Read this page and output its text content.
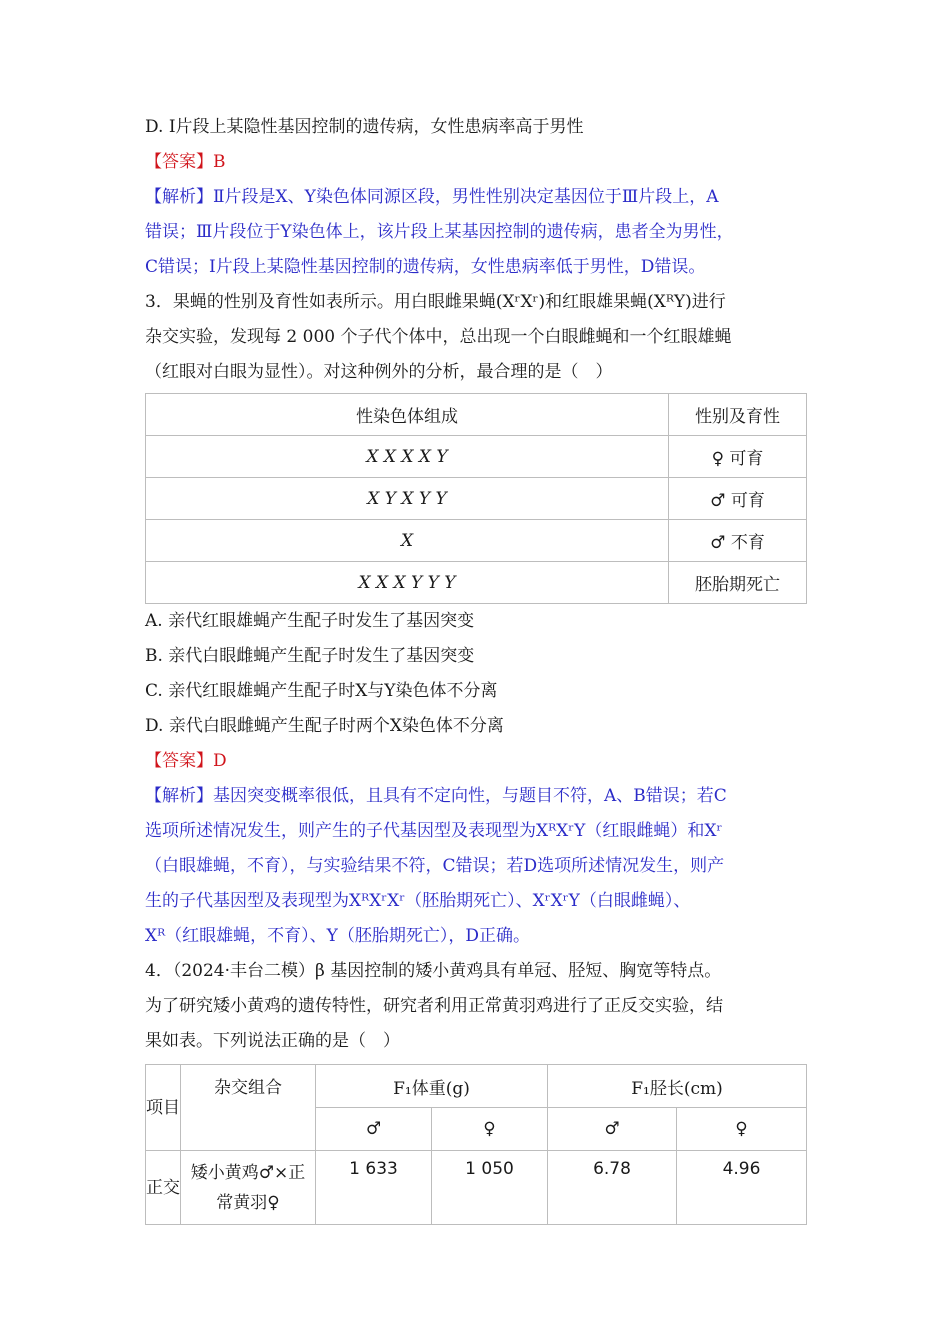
D. Ⅰ片段上某隐性基因控制的遗传病，女性患病率高于男性
【答案】B
【解析】Ⅱ片段是X、Y染色体同源区段，男性性别决定基因位于Ⅲ片段上，A
错误；Ⅲ片段位于Y染色体上，该片段上某基因控制的遗传病，患者全为男性，
C错误；Ⅰ片段上某隐性基因控制的遗传病，女性患病率低于男性，D错误。
3．果蝇的性别及育性如表所示。用白眼雌果蝇(XʳXʳ)和红眼雄果蝇(XᴿY)进行
杂交实验，发现每 2 000 个子代个体中，总出现一个白眼雌蝇和一个红眼雄蝇
（红眼对白眼为显性）。对这种例外的分析，最合理的是（　）
性染色体组成	性别及育性
X X X X Y	♀ 可育
X Y X Y Y	♂ 可育
X	♂ 不育
X X X Y Y Y	胚胎期死亡
A. 亲代红眼雄蝇产生配子时发生了基因突变
B. 亲代白眼雌蝇产生配子时发生了基因突变
C. 亲代红眼雄蝇产生配子时X与Y染色体不分离
D. 亲代白眼雌蝇产生配子时两个X染色体不分离
【答案】D
【解析】基因突变概率很低，且具有不定向性，与题目不符，A、B错误；若C
选项所述情况发生，则产生的子代基因型及表现型为XᴿXʳY（红眼雌蝇）和Xʳ
（白眼雄蝇，不育），与实验结果不符，C错误；若D选项所述情况发生，则产
生的子代基因型及表现型为XᴿXʳXʳ（胚胎期死亡）、XʳXʳY（白眼雌蝇）、
Xᴿ（红眼雄蝇，不育）、Y（胚胎期死亡），D正确。
4．（2024·丰台二模）β 基因控制的矮小黄鸡具有单冠、胫短、胸宽等特点。
为了研究矮小黄鸡的遗传特性，研究者利用正常黄羽鸡进行了正反交实验，结
果如表。下列说法正确的是（　）
项目	杂交组合	F₁体重(g)		F₁胫长(cm)	
		♂	♀	♂	♀
正交	矮小黄鸡♂×正常黄羽♀	1 633	1 050	6.78	4.96
